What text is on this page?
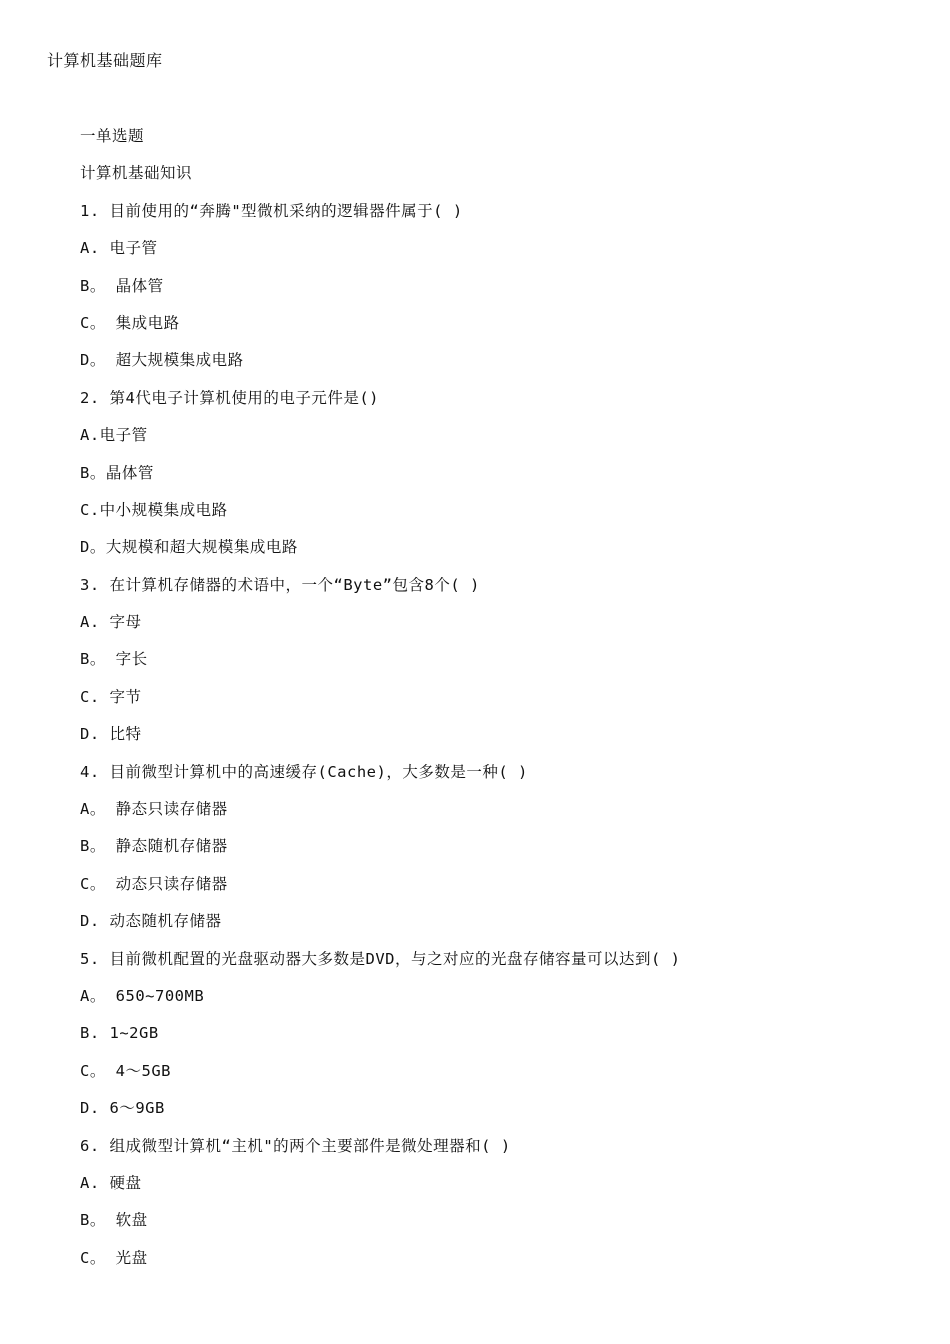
计算机基础题库
一单选题
计算机基础知识
1. 目前使用的“奔腾"型微机采纳的逻辑器件属于( )
A. 电子管
B。 晶体管
C。 集成电路
D。 超大规模集成电路
2. 第4代电子计算机使用的电子元件是()
A.电子管
B。晶体管
C.中小规模集成电路
D。大规模和超大规模集成电路
3. 在计算机存储器的术语中，一个“Byte”包含8个( )
A. 字母
B。 字长
C. 字节
D. 比特
4. 目前微型计算机中的高速缓存(Cache)，大多数是一种( )
A。 静态只读存储器
B。 静态随机存储器
C。 动态只读存储器
D. 动态随机存储器
5. 目前微机配置的光盘驱动器大多数是DVD，与之对应的光盘存储容量可以达到( )
A。 650~700MB
B. 1~2GB
C。 4～5GB
D. 6～9GB
6. 组成微型计算机“主机"的两个主要部件是微处理器和( )
A. 硬盘
B。 软盘
C。 光盘
